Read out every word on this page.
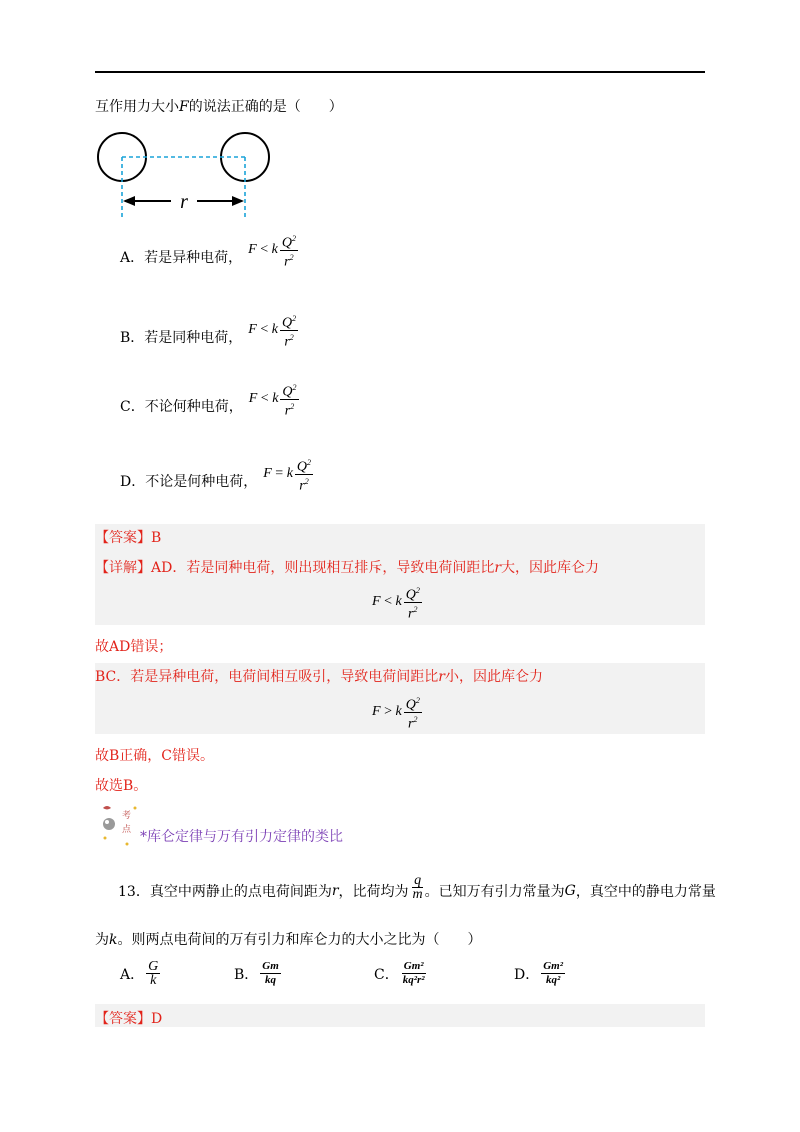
互作用力大小F的说法正确的是（　　）
r
A．若是异种电荷，
F
<
k $\frac{Q^2}{r^2}$
B．若是同种电荷，
F
<
k $\frac{Q^2}{r^2}$
C．不论何种电荷，
F
<
k $\frac{Q^2}{r^2}$
D．不论是何种电荷，
F
=
k $\frac{Q^2}{r^2}$
【答案】B
【详解】AD．若是同种电荷，则出现相互排斥，导致电荷间距比r大，因此库仑力
F
<
k $\frac{Q^2}{r^2}$
故AD错误；
BC．若是异种电荷，电荷间相互吸引，导致电荷间距比r小，因此库仑力
F
>
k $\frac{Q^2}{r^2}$
故B正确，C错误。
故选B。
考
点 *库仑定律与万有引力定律的类比
13．真空中两静止的点电荷间距为 r ，比荷均为 $\frac{q}{m}$ 。已知万有引力常量为 G ，真空中的静电力常量
为k。则两点电荷间的万有引力和库仑力的大小之比为（　　）
A． $\frac{G}{k}$	B． $\frac{Gm}{kq}$	C． $\frac{\text{Gm²}}{\text{kq²r²}}$	D． $\frac{\text{Gm²}}{\text{kq²}}$
【答案】D
